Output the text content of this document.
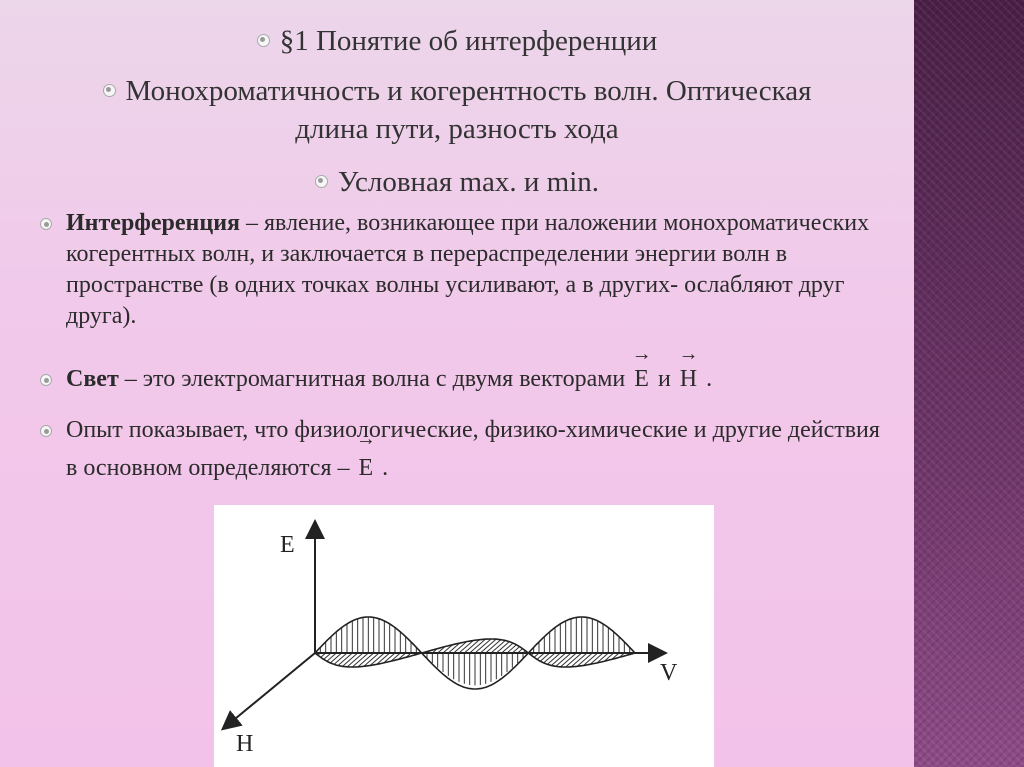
§1 Понятие об интерференции
Монохроматичность и когерентность волн. Оптическая
длина пути, разность хода
Условная max. и min.
Интерференция – явление, возникающее при наложении монохроматических когерентных волн, и заключается в перераспределении энергии волн в пространстве (в одних точках волны усиливают, а в других- ослабляют друг друга).
Свет – это электромагнитная волна с двумя векторами → E и → H .
Опыт показывает, что физиологические, физико-химические и другие действия в основном определяются – → E .
E
V
H
